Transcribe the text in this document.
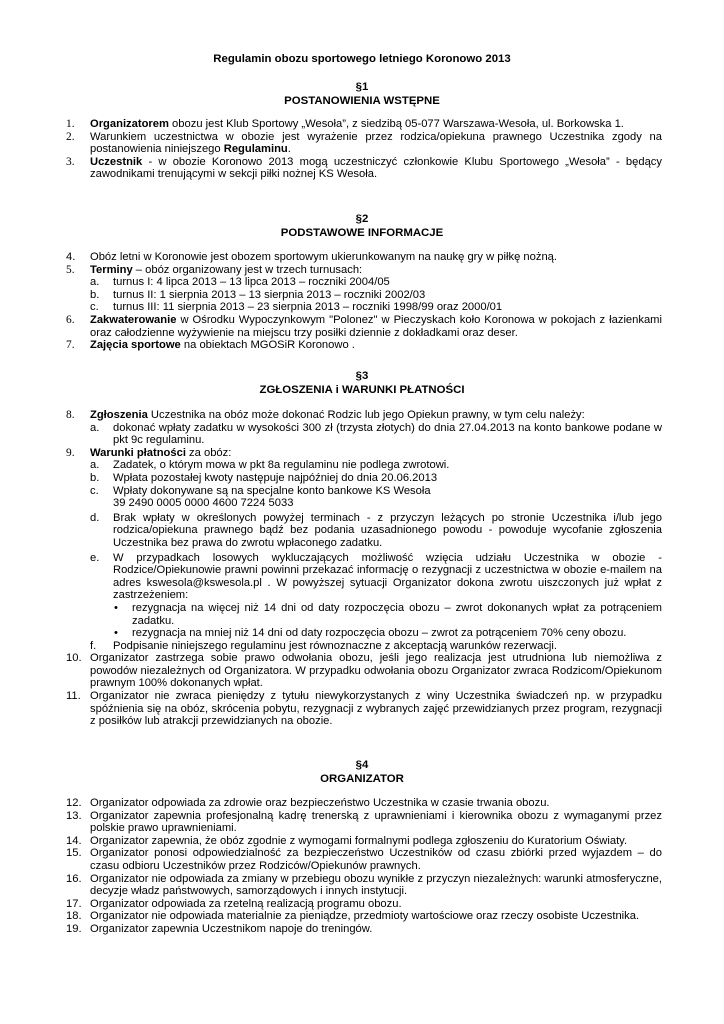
Regulamin obozu sportowego letniego Koronowo 2013
§1
POSTANOWIENIA WSTĘPNE
1. Organizatorem obozu jest Klub Sportowy „Wesoła”, z siedzibą 05-077 Warszawa-Wesoła, ul. Borkowska 1.
2. Warunkiem uczestnictwa w obozie jest wyrażenie przez rodzica/opiekuna prawnego Uczestnika zgody na postanowienia niniejszego Regulaminu.
3. Uczestnik - w obozie Koronowo 2013 mogą uczestniczyć członkowie Klubu Sportowego „Wesoła” - będący zawodnikami trenującymi w sekcji piłki nożnej KS Wesoła.
§2
PODSTAWOWE INFORMACJE
4. Obóz letni w Koronowie jest obozem sportowym ukierunkowanym na naukę gry w piłkę nożną.
5. Terminy – obóz organizowany jest w trzech turnusach:
a. turnus I: 4 lipca 2013 – 13 lipca 2013 – roczniki 2004/05
b. turnus II: 1 sierpnia 2013 – 13 sierpnia 2013 – roczniki 2002/03
c. turnus III: 11 sierpnia 2013 – 23 sierpnia 2013 – roczniki 1998/99 oraz 2000/01
6. Zakwaterowanie w Ośrodku Wypoczynkowym "Polonez" w Pieczyskach koło Koronowa w pokojach z łazienkami oraz całodzienne wyżywienie na miejscu trzy posiłki dziennie z dokładkami oraz deser.
7. Zajęcia sportowe na obiektach MGOSiR Koronowo .
§3
ZGŁOSZENIA i WARUNKI PŁATNOŚCI
8. Zgłoszenia Uczestnika na obóz może dokonać Rodzic lub jego Opiekun prawny, w tym celu należy:
a. dokonać wpłaty zadatku w wysokości 300 zł (trzysta złotych) do dnia 27.04.2013 na konto bankowe podane w pkt 9c regulaminu.
9. Warunki płatności za obóz:
a. Zadatek, o którym mowa w pkt 8a regulaminu nie podlega zwrotowi.
b. Wpłata pozostałej kwoty następuje najpóźniej do dnia 20.06.2013
c. Wpłaty dokonywane są na specjalne konto bankowe KS Wesoła
39 2490 0005 0000 4600 7224 5033
d. Brak wpłaty w określonych powyżej terminach - z przyczyn leżących po stronie Uczestnika i/lub jego rodzica/opiekuna prawnego bądź bez podania uzasadnionego powodu - powoduje wycofanie zgłoszenia Uczestnika bez prawa do zwrotu wpłaconego zadatku.
e. W przypadkach losowych wykluczających możliwość wzięcia udziału Uczestnika w obozie -Rodzice/Opiekunowie prawni powinni przekazać informację o rezygnacji z uczestnictwa w obozie e-mailem na adres kswesola@kswesola.pl . W powyższej sytuacji Organizator dokona zwrotu uiszczonych już wpłat z zastrzeżeniem:
• rezygnacja na więcej niż 14 dni od daty rozpoczęcia obozu – zwrot dokonanych wpłat za potrąceniem zadatku.
• rezygnacja na mniej niż 14 dni od daty rozpoczęcia obozu – zwrot za potrąceniem 70% ceny obozu.
f. Podpisanie niniejszego regulaminu jest równoznaczne z akceptacją warunków rezerwacji.
10. Organizator zastrzega sobie prawo odwołania obozu, jeśli jego realizacja jest utrudniona lub niemożliwa z powodów niezależnych od Organizatora. W przypadku odwołania obozu Organizator zwraca Rodzicom/Opiekunom prawnym 100% dokonanych wpłat.
11. Organizator nie zwraca pieniędzy z tytułu niewykorzystanych z winy Uczestnika świadczeń np. w przypadku spóźnienia się na obóz, skrócenia pobytu, rezygnacji z wybranych zajęć przewidzianych przez program, rezygnacji z posiłków lub atrakcji przewidzianych na obozie.
§4
ORGANIZATOR
12. Organizator odpowiada za zdrowie oraz bezpieczeństwo Uczestnika w czasie trwania obozu.
13. Organizator zapewnia profesjonalną kadrę trenerską z uprawnieniami i kierownika obozu z wymaganymi przez polskie prawo uprawnieniami.
14. Organizator zapewnia, że obóz zgodnie z wymogami formalnymi podlega zgłoszeniu do Kuratorium Oświaty.
15. Organizator ponosi odpowiedzialność za bezpieczeństwo Uczestników od czasu zbiórki przed wyjazdem – do czasu odbioru Uczestników przez Rodziców/Opiekunów prawnych.
16. Organizator nie odpowiada za zmiany w przebiegu obozu wynikłe z przyczyn niezależnych: warunki atmosferyczne, decyzje władz państwowych, samorządowych i innych instytucji.
17. Organizator odpowiada za rzetelną realizacją programu obozu.
18. Organizator nie odpowiada materialnie za pieniądze, przedmioty wartościowe oraz rzeczy osobiste Uczestnika.
19. Organizator zapewnia Uczestnikom napoje do treningów.
